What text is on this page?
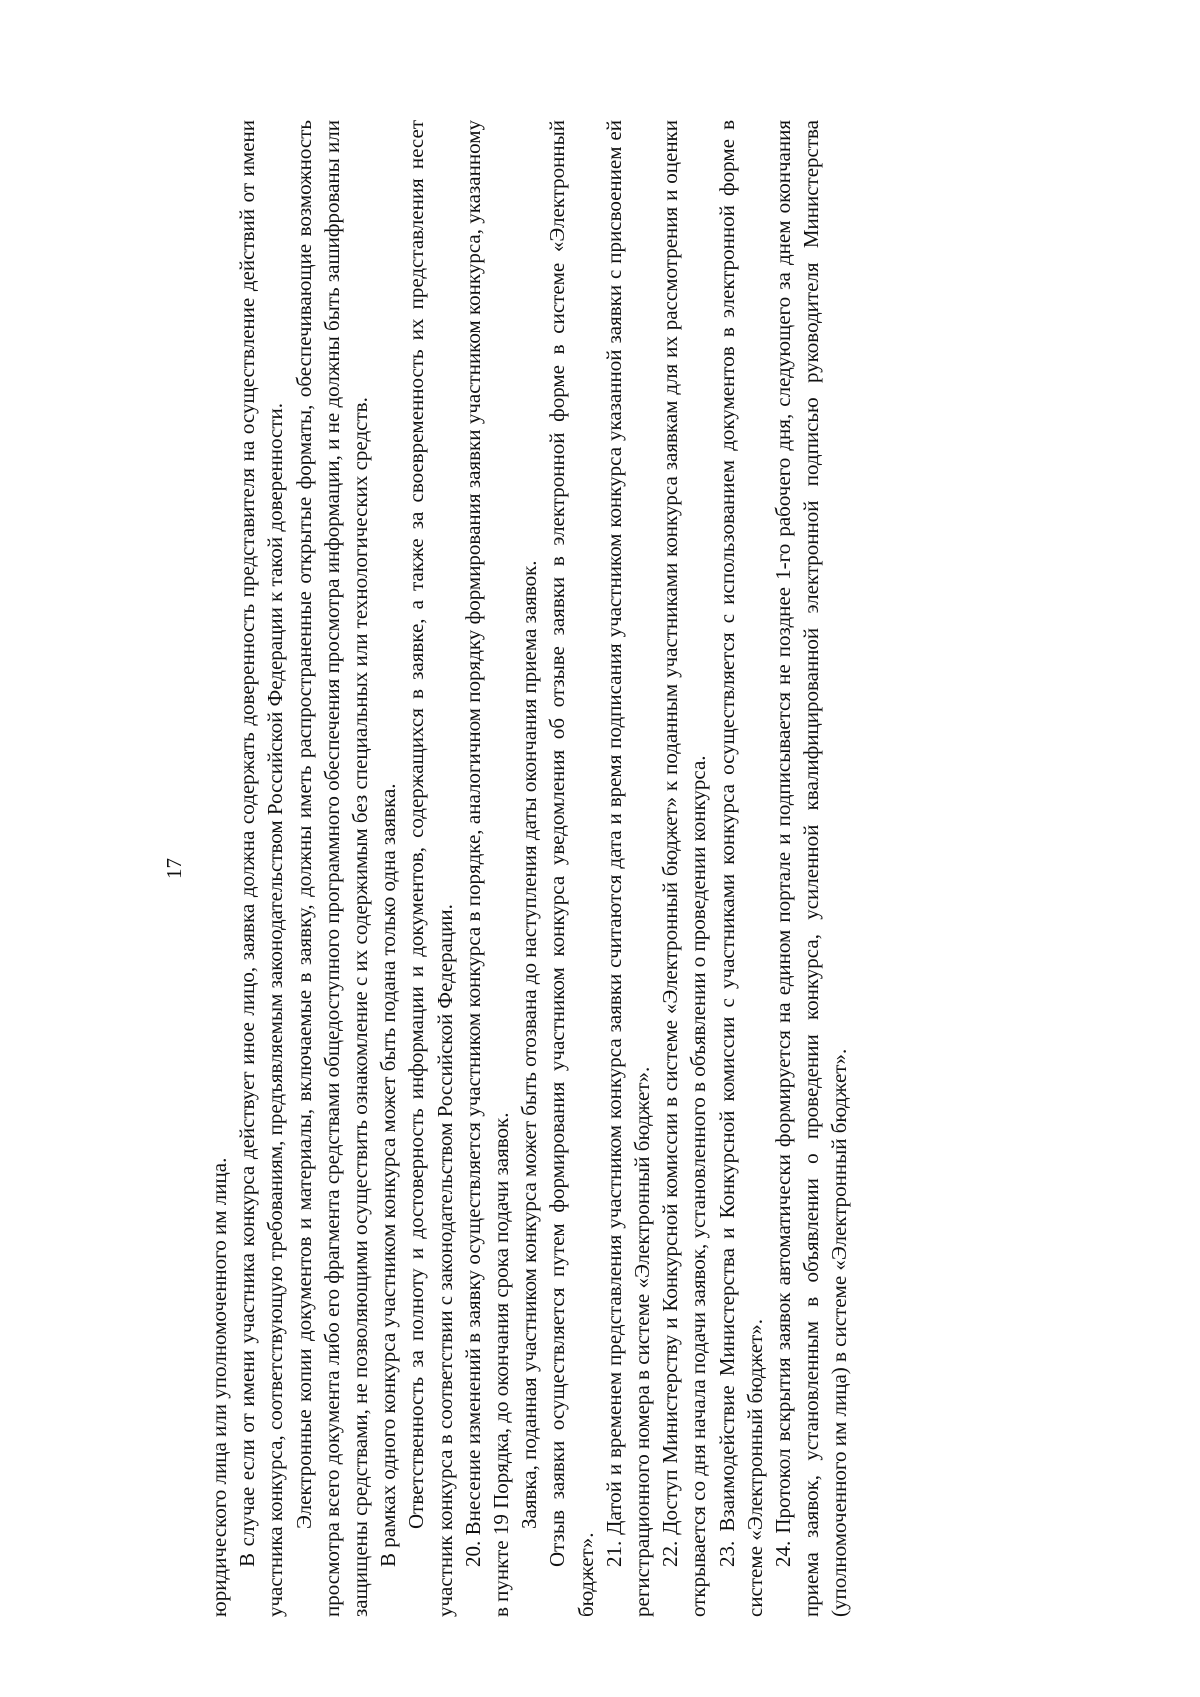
17

юридического лица или уполномоченного им лица. В случае если от имени участника конкурса действует иное лицо, заявка должна содержать доверенность представителя на осуществление действий от имени участника конкурса, соответствующую требованиям, предъявляемым законодательством Российской Федерации к такой доверенности. Электронные копии документов и материалы, включаемые в заявку, должны иметь распространенные открытые форматы, обеспечивающие возможность просмотра всего документа либо его фрагмента средствами общедоступного программного обеспечения просмотра информации, и не должны быть зашифрованы или защищены средствами, не позволяющими осуществить ознакомление с их содержимым без специальных или технологических средств. В рамках одного конкурса участником конкурса может быть подана только одна заявка. Ответственность за полноту и достоверность информации и документов, содержащихся в заявке, а также за своевременность их представления несет участник конкурса в соответствии с законодательством Российской Федерации. 20. Внесение изменений в заявку осуществляется участником конкурса в порядке, аналогичном порядку формирования заявки участником конкурса, указанному в пункте 19 Порядка, до окончания срока подачи заявок. Заявка, поданная участником конкурса может быть отозвана до наступления даты окончания приема заявок. Отзыв заявки осуществляется путем формирования участником конкурса уведомления об отзыве заявки в электронной форме в системе «Электронный бюджет».

21. Датой и временем представления участником конкурса заявки считаются дата и время подписания участником конкурса указанной заявки с присвоением ей регистрационного номера в системе «Электронный бюджет». 22. Доступ Министерству и Конкурсной комиссии в системе «Электронный бюджет» к поданным участниками конкурса заявкам для их рассмотрения и оценки открывается со дня начала подачи заявок, установленного в объявлении о проведении конкурса. 23. Взаимодействие Министерства и Конкурсной комиссии с участниками конкурса осуществляется с использованием документов в электронной форме в системе «Электронный бюджет». 24. Протокол вскрытия заявок автоматически формируется на едином портале и подписывается не позднее 1-го рабочего дня, следующего за днем окончания приема заявок, установленным в объявлении о проведении конкурса, усиленной квалифицированной электронной подписью руководителя Министерства (уполномоченного им лица) в системе «Электронный бюджет».
